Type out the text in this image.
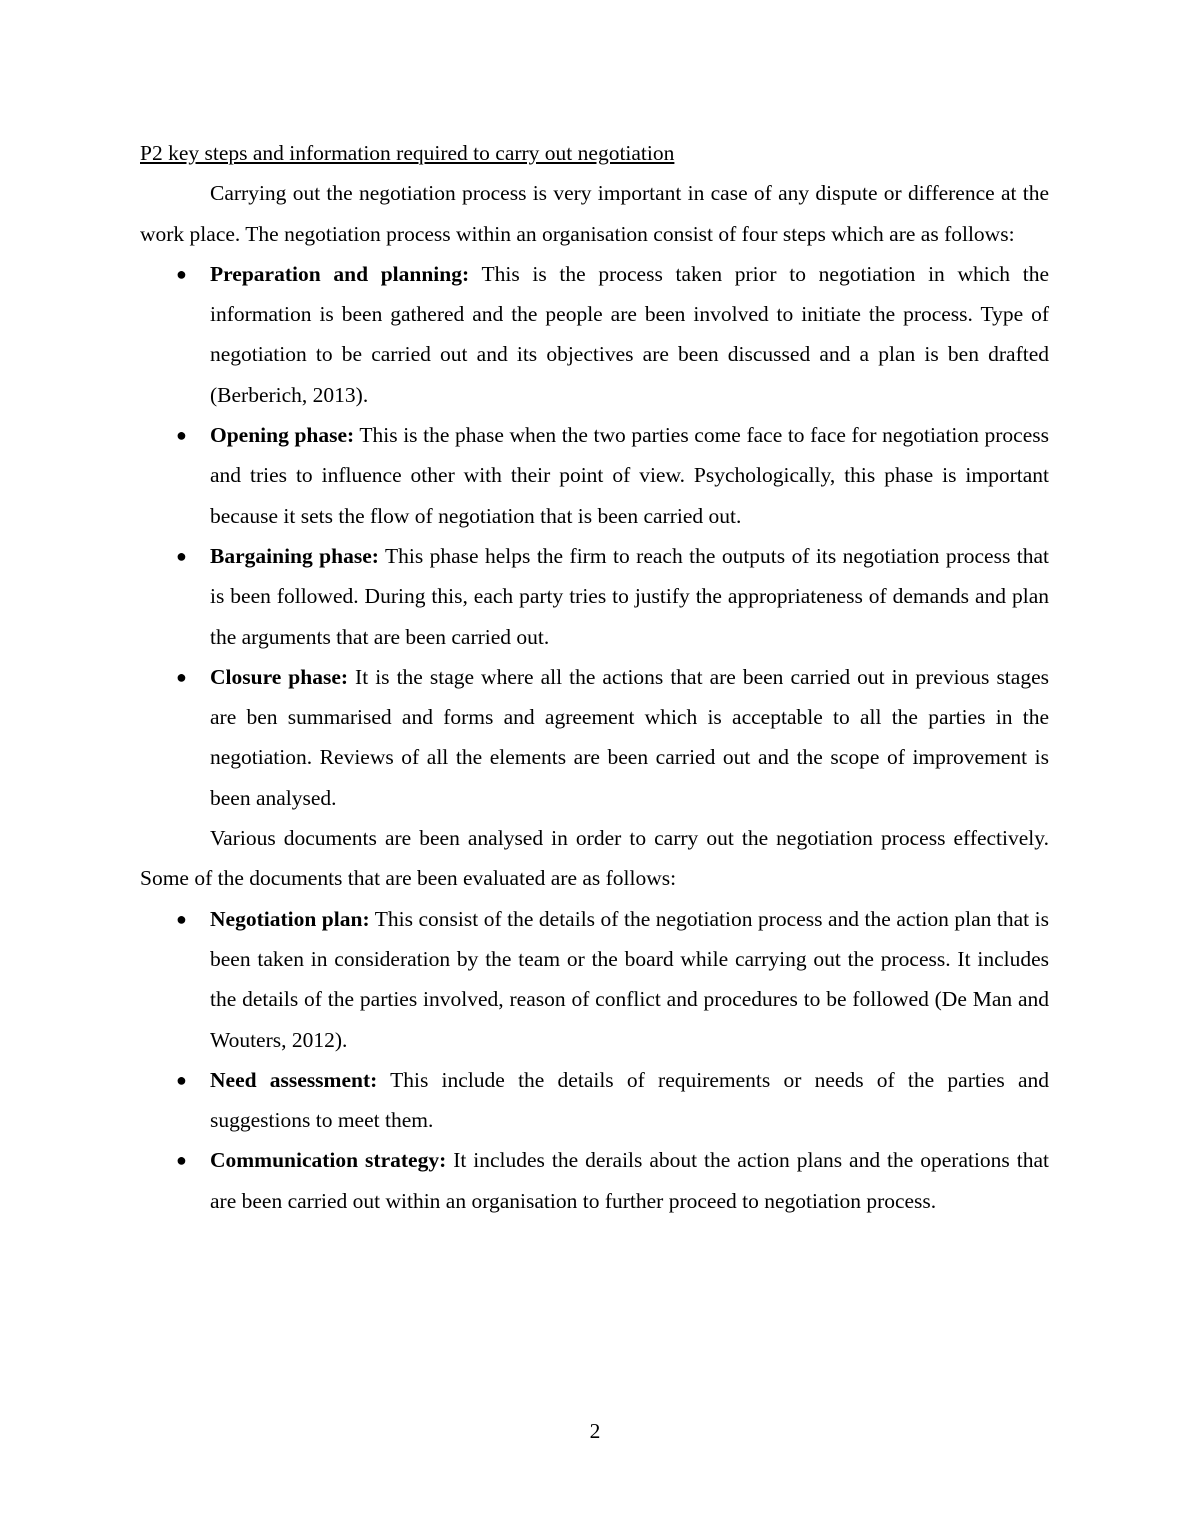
P2 key steps and information required to carry out negotiation

Carrying out the negotiation process is very important in case of any dispute or difference at the work place. The negotiation process within an organisation consist of four steps which are as follows:

● Preparation and planning: This is the process taken prior to negotiation in which the information is been gathered and the people are been involved to initiate the process. Type of negotiation to be carried out and its objectives are been discussed and a plan is ben drafted (Berberich, 2013).
● Opening phase: This is the phase when the two parties come face to face for negotiation process and tries to influence other with their point of view. Psychologically, this phase is important because it sets the flow of negotiation that is been carried out.
● Bargaining phase: This phase helps the firm to reach the outputs of its negotiation process that is been followed. During this, each party tries to justify the appropriateness of demands and plan the arguments that are been carried out.
● Closure phase: It is the stage where all the actions that are been carried out in previous stages are ben summarised and forms and agreement which is acceptable to all the parties in the negotiation. Reviews of all the elements are been carried out and the scope of improvement is been analysed.

Various documents are been analysed in order to carry out the negotiation process effectively. Some of the documents that are been evaluated are as follows:

● Negotiation plan: This consist of the details of the negotiation process and the action plan that is been taken in consideration by the team or the board while carrying out the process. It includes the details of the parties involved, reason of conflict and procedures to be followed (De Man and Wouters, 2012).
● Need assessment: This include the details of requirements or needs of the parties and suggestions to meet them.
● Communication strategy: It includes the derails about the action plans and the operations that are been carried out within an organisation to further proceed to negotiation process.
2
